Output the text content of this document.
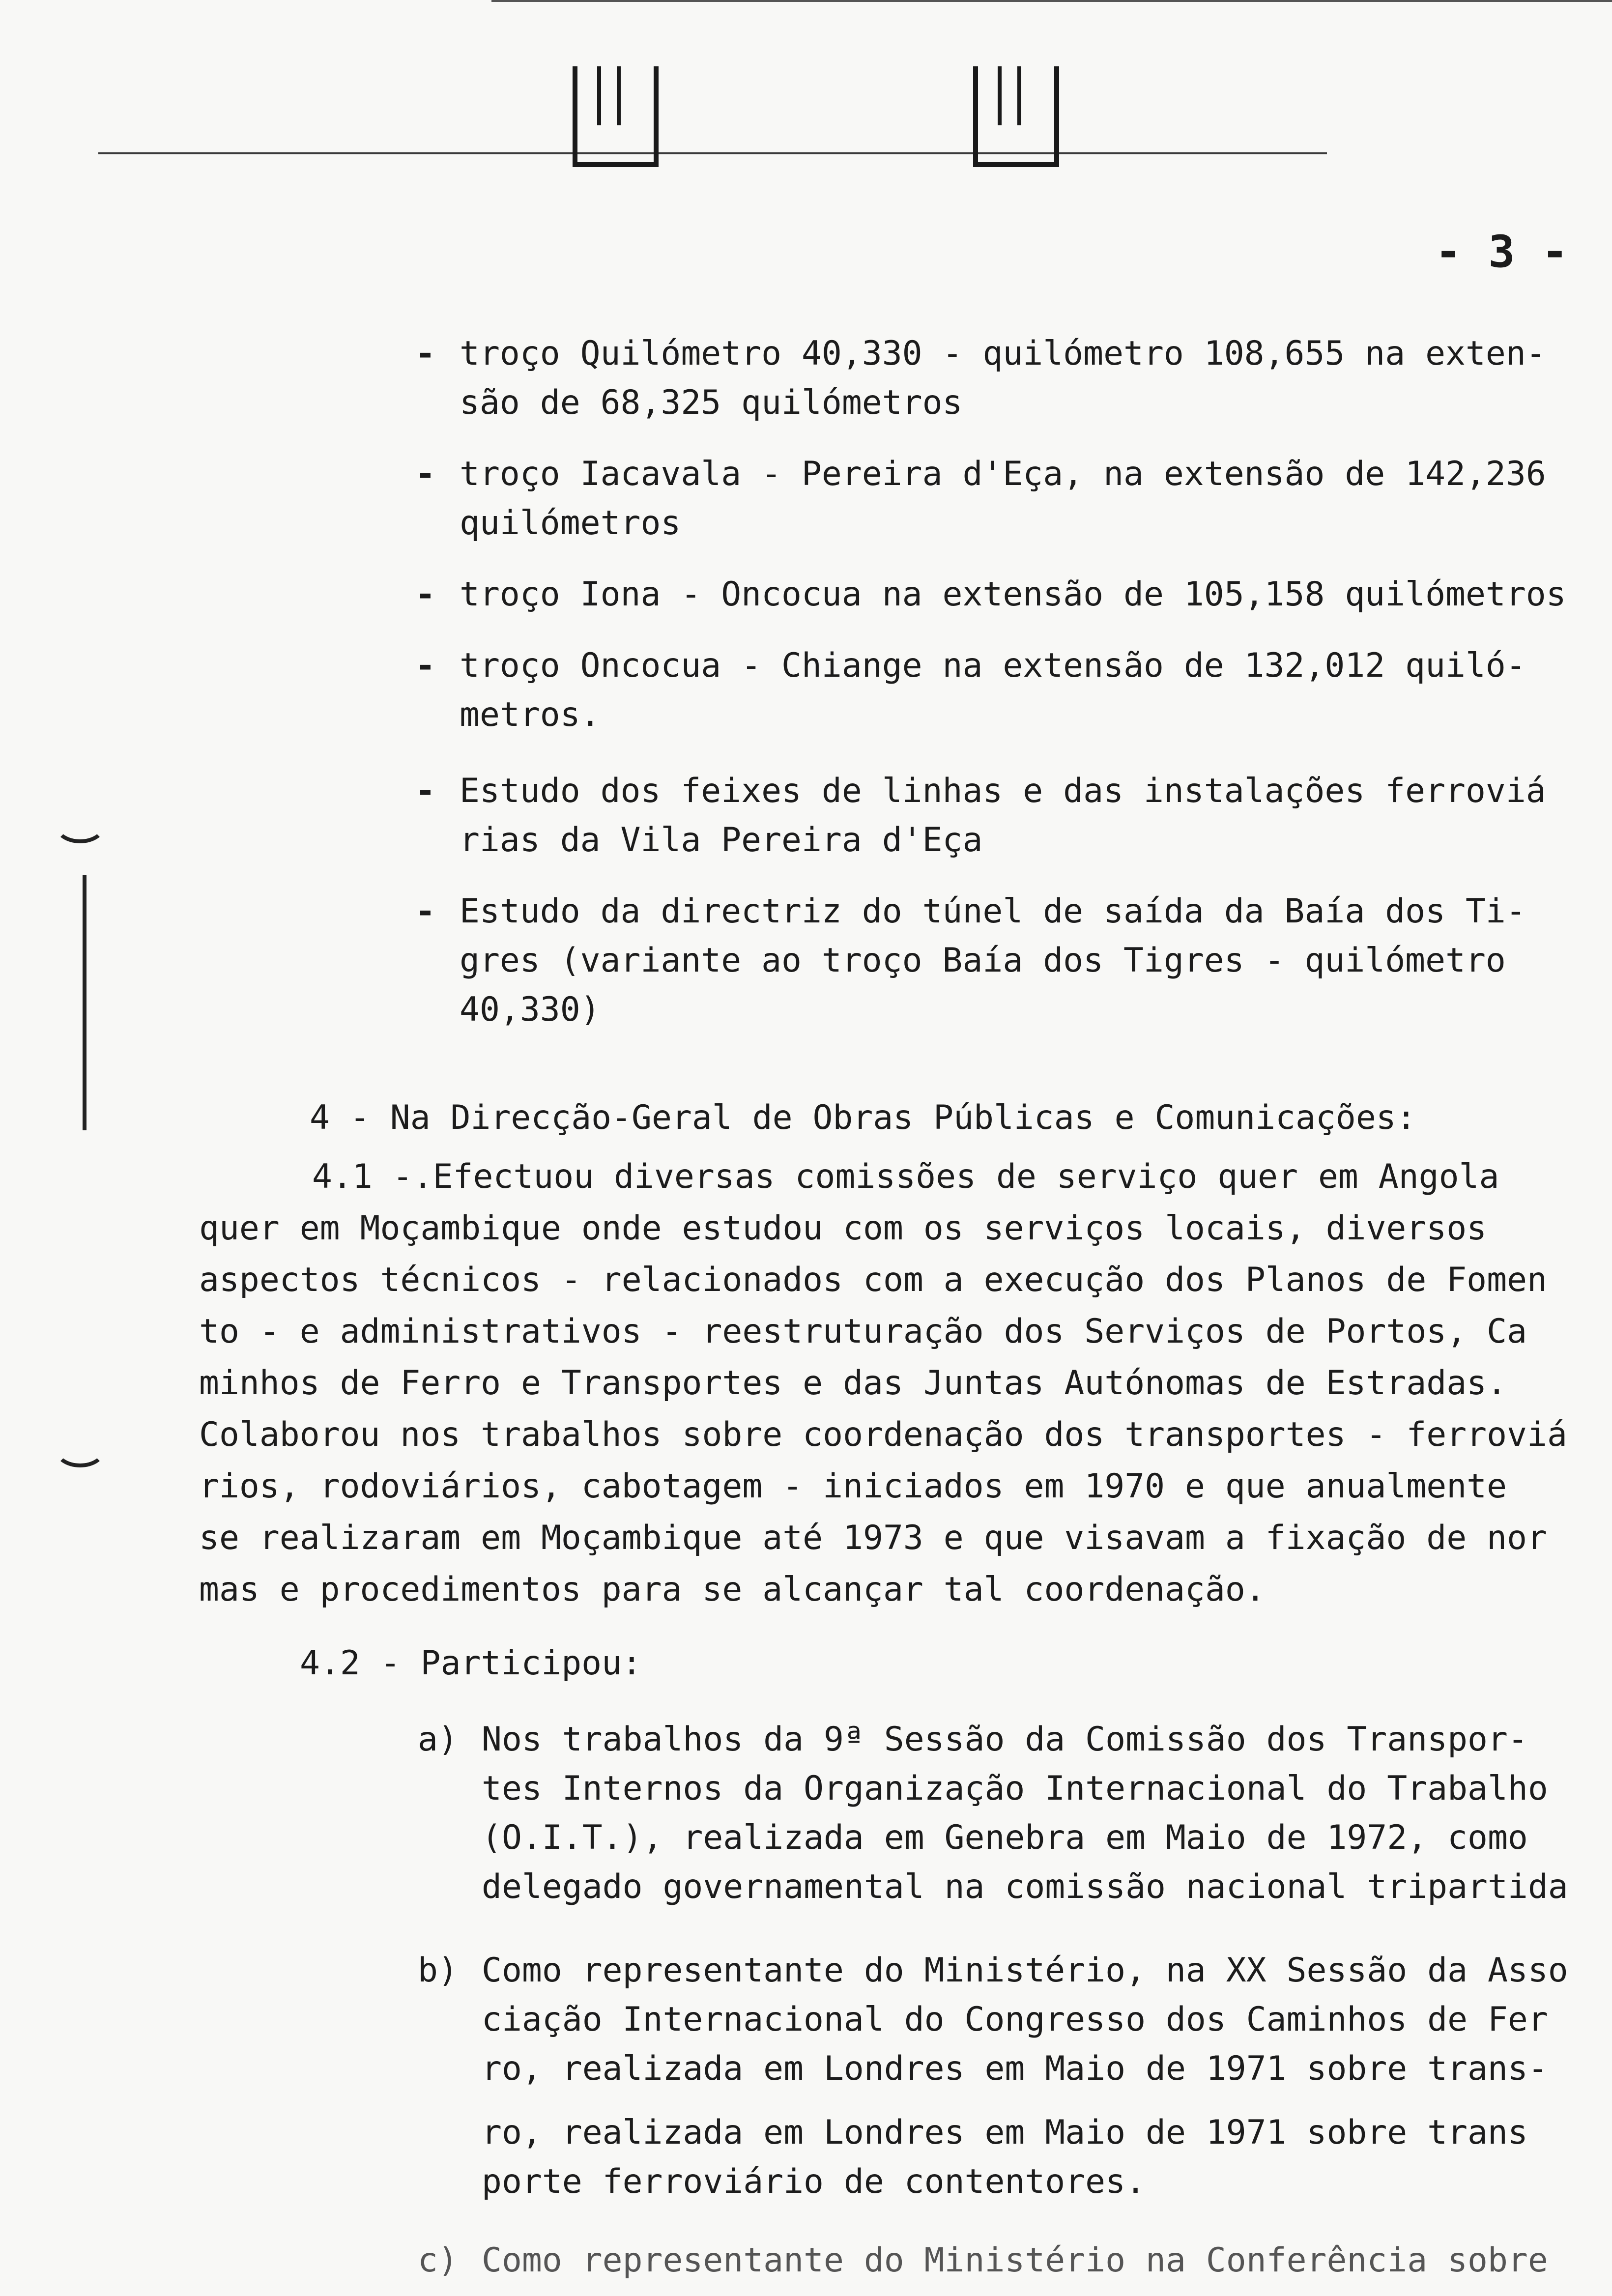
- 3 -
- troço Quilómetro 40,330 - quilómetro 108,655 na exten-
são de 68,325 quilómetros
- troço Iacavala - Pereira d'Eça, na extensão de 142,236
quilómetros
- troço Iona - Oncocua na extensão de 105,158 quilómetros
- troço Oncocua - Chiange na extensão de 132,012 quiló-
metros.
- Estudo dos feixes de linhas e das instalações ferroviá
rias da Vila Pereira d'Eça
- Estudo da directriz do túnel de saída da Baía dos Ti-
gres (variante ao troço Baía dos Tigres - quilómetro
40,330)
4 - Na Direcção-Geral de Obras Públicas e Comunicações:
4.1 -.Efectuou diversas comissões de serviço quer em Angola
quer em Moçambique onde estudou com os serviços locais, diversos
aspectos técnicos - relacionados com a execução dos Planos de Fomen
to - e administrativos - reestruturação dos Serviços de Portos, Ca
minhos de Ferro e Transportes e das Juntas Autónomas de Estradas.
Colaborou nos trabalhos sobre coordenação dos transportes - ferroviá
rios, rodoviários, cabotagem - iniciados em 1970 e que anualmente
se realizaram em Moçambique até 1973 e que visavam a fixação de nor
mas e procedimentos para se alcançar tal coordenação.
4.2 - Participou:
a) Nos trabalhos da 9ª Sessão da Comissão dos Transpor-
tes Internos da Organização Internacional do Trabalho
(O.I.T.), realizada em Genebra em Maio de 1972, como
delegado governamental na comissão nacional tripartida
b) Como representante do Ministério, na XX Sessão da Asso
ciação Internacional do Congresso dos Caminhos de Fer
ro, realizada em Londres em Maio de 1971 sobre trans-
ro, realizada em Londres em Maio de 1971 sobre trans
porte ferroviário de contentores.
c) Como representante do Ministério na Conferência sobre
